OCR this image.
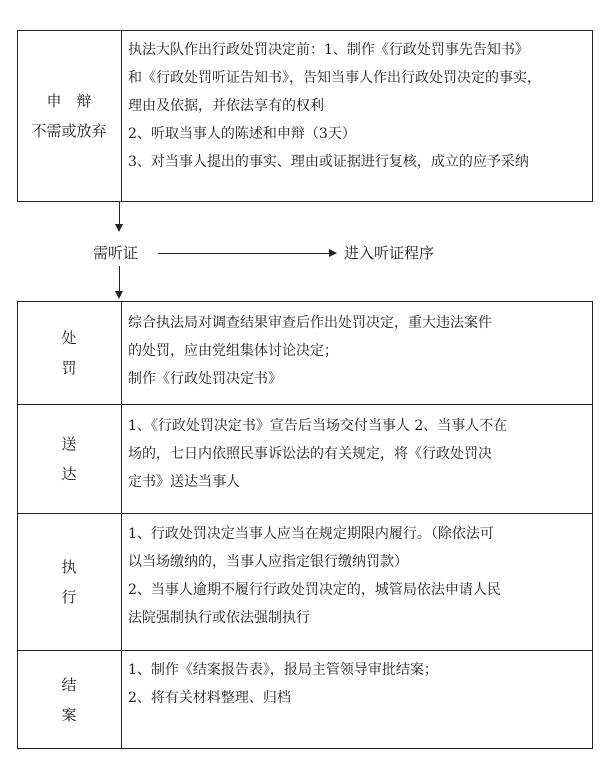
申　辩
不需或放弃

执法大队作出行政处罚决定前：1、制作《行政处罚事先告知书》

和《行政处罚听证告知书》，告知当事人作出行政处罚决定的事实，

理由及依据，并依法享有的权利

2、听取当事人的陈述和申辩（3天）

3、对当事人提出的事实、理由或证据进行复核，成立的应予采纳

需听证	进入听证程序
处
罚

综合执法局对调查结果审查后作出处罚决定，重大违法案件

的处罚，应由党组集体讨论决定；

制作《行政处罚决定书》

送
达

1、《行政处罚决定书》宣告后当场交付当事人 2、当事人不在

场的，七日内依照民事诉讼法的有关规定，将《行政处罚决

定书》送达当事人

执
行

1、行政处罚决定当事人应当在规定期限内履行。（除依法可

以当场缴纳的，当事人应指定银行缴纳罚款）

2、当事人逾期不履行行政处罚决定的，城管局依法申请人民

法院强制执行或依法强制执行

结
案

1、制作《结案报告表》，报局主管领导审批结案；

2、将有关材料整理、归档
